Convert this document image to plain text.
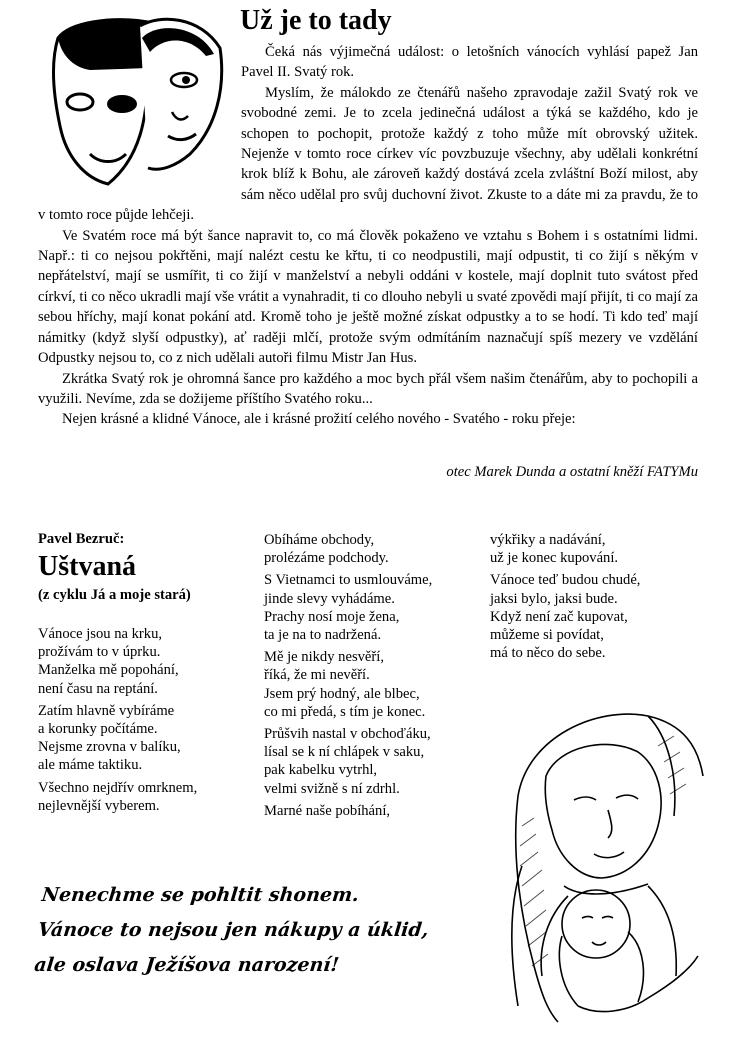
Už je to tady

Čeká nás výjimečná událost: o letošních vánocích vyhlásí papež Jan Pavel II. Svatý rok.

Myslím, že málokdo ze čtenářů našeho zpravodaje zažil Svatý rok ve svobodné zemi. Je to zcela jedinečná událost a týká se každého, kdo je schopen to pochopit, protože každý z toho může mít obrovský užitek. Nejenže v tomto roce církev víc povzbuzuje všechny, aby udělali konkrétní krok blíž k Bohu, ale zároveň každý dostává zcela zvláštní Boží milost, aby sám něco udělal pro svůj duchovní život. Zkuste to a dáte mi za pravdu, že to v tomto roce půjde lehčeji.

Ve Svatém roce má být šance napravit to, co má člověk pokaženo ve vztahu s Bohem i s ostatními lidmi. Např.: ti co nejsou pokřtěni, mají nalézt cestu ke křtu, ti co neodpustili, mají odpustit, ti co žijí s někým v nepřátelství, mají se usmířit, ti co žijí v manželství a nebyli oddáni v kostele, mají doplnit tuto svátost před církví, ti co něco ukradli mají vše vrátit a vynahradit, ti co dlouho nebyli u svaté zpovědi mají přijít, ti co mají za sebou hříchy, mají konat pokání atd. Kromě toho je ještě možné získat odpustky a to se hodí. Ti kdo teď mají námitky (když slyší odpustky), ať raději mlčí, protože svým odmítáním naznačují spíš mezery ve vzdělání Odpustky nejsou to, co z nich udělali autoři filmu Mistr Jan Hus.

Zkrátka Svatý rok je ohromná šance pro každého a moc bych přál všem našim čtenářům, aby to pochopili a využili. Nevíme, zda se dožijeme příštího Svatého roku...

Nejen krásné a klidné Vánoce, ale i krásné prožití celého nového - Svatého - roku přeje:

otec Marek Dunda a ostatní kněží FATYMu
Pavel Bezruč:
Uštvaná
(z cyklu Já a moje stará)

Vánoce jsou na krku,
prožívám to v úprku.
Manželka mě popohání,
není času na reptání.

Zatím hlavně vybíráme
a korunky počítáme.
Nejsme zrovna v balíku,
ale máme taktiku.

Všechno nejdřív omrknem,
nejlevnější vyberem.

Obíháme obchody,
prolézáme podchody.

S Vietnamci to usmlouváme,
jinde slevy vyhádáme.
Prachy nosí moje žena,
ta je na to nadržená.

Mě je nikdy nesvěří,
říká, že mi nevěří.
Jsem prý hodný, ale blbec,
co mi předá, s tím je konec.

Průšvih nastal v obchoďáku,
lísal se k ní chlápek v saku,
pak kabelku vytrhl,
velmi svižně s ní zdrhl.

Marné naše pobíhání,

výkřiky a nadávání,
už je konec kupování.

Vánoce teď budou chudé,
jaksi bylo, jaksi bude.
Když není zač kupovat,
můžeme si povídat,
má to něco do sebe.

Nenechme se pohltit shonem.
Vánoce to nejsou jen nákupy a úklid,
ale oslava Ježíšova narození!
